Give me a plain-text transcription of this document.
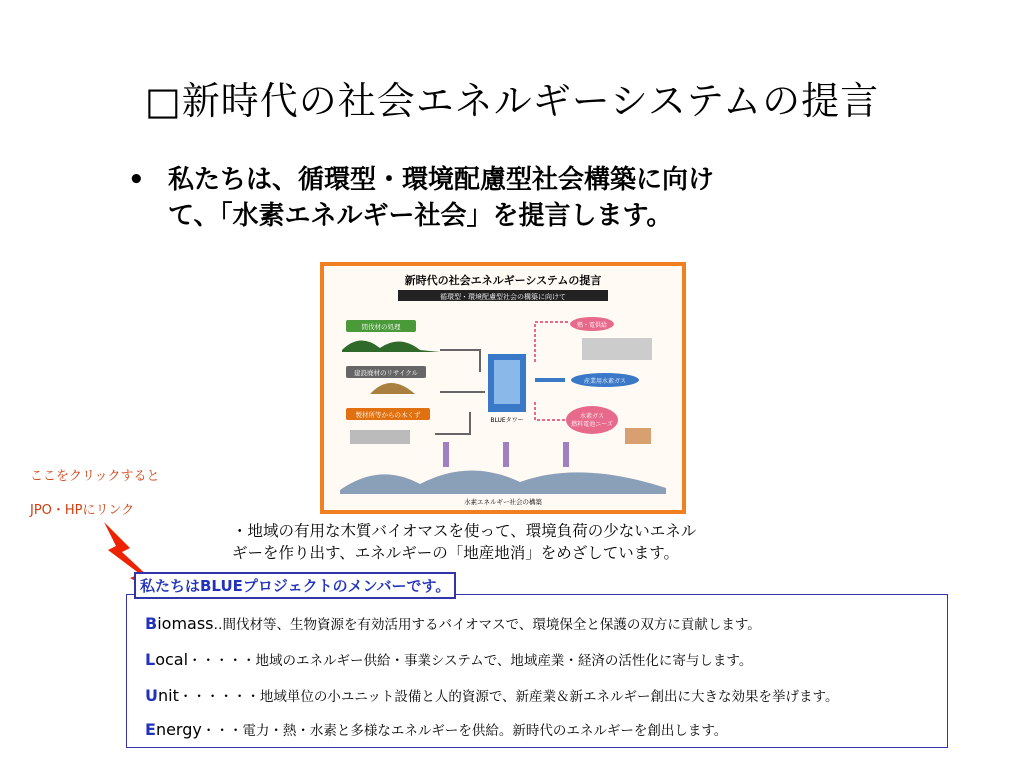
□新時代の社会エネルギーシステムの提言
• 私たちは、循環型・環境配慮型社会構築に向け
て、「水素エネルギー社会」を提言します。
新時代の社会エネルギーシステムの提言
循環型・環境配慮型社会の構築に向けて
間伐材の処理
建設廃材のリサイクル
製材所等からの木くず
BLUEタワー
熱・電供給
産業用水素ガス
水素ガス
燃料電池ニーズ
水素エネルギー社会の構築
・地域の有用な木質バイオマスを使って、環境負荷の少ないエネル
ギーを作り出す、エネルギーの「地産地消」をめざしています。
ここをクリックすると
JPO・HPにリンク
私たちはBLUEプロジェクトのメンバーです。
Biomass‥間伐材等、生物資源を有効活用するバイオマスで、環境保全と保護の双方に貢献します。
Local・・・・・地域のエネルギー供給・事業システムで、地域産業・経済の活性化に寄与します。
Unit・・・・・・地域単位の小ユニット設備と人的資源で、新産業＆新エネルギー創出に大きな効果を挙げます。
Energy・・・電力・熱・水素と多様なエネルギーを供給。新時代のエネルギーを創出します。
